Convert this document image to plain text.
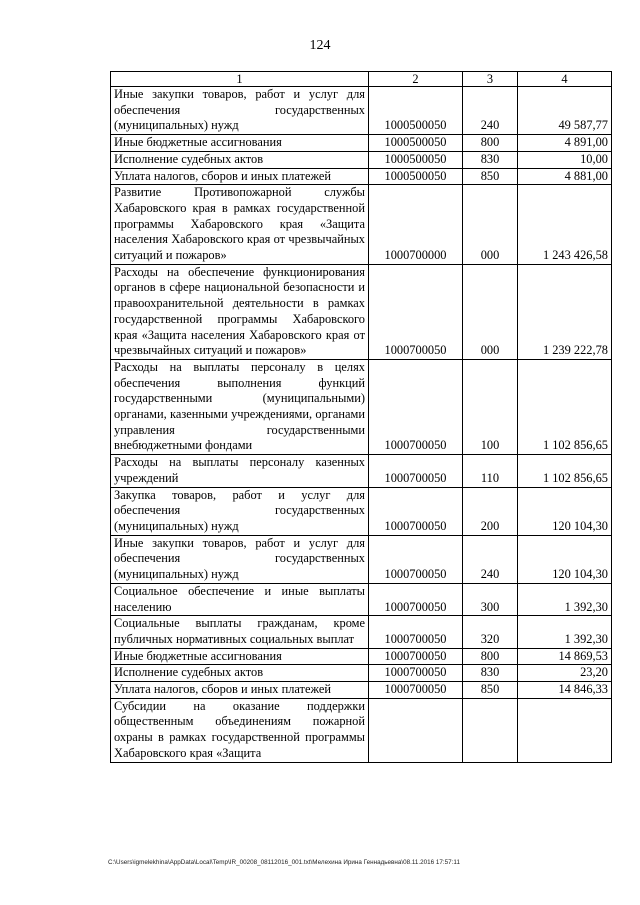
124
1	2	3	4
Иные закупки товаров, работ и услуг для обеспечения государственных (муниципальных) нужд	1000500050	240	49 587,77
Иные бюджетные ассигнования	1000500050	800	4 891,00
Исполнение судебных актов	1000500050	830	10,00
Уплата налогов, сборов и иных платежей	1000500050	850	4 881,00
Развитие Противопожарной службы Хабаровского края в рамках государственной программы Хабаровского края «Защита населения Хабаровского края от чрезвычайных ситуаций и пожаров»	1000700000	000	1 243 426,58
Расходы на обеспечение функционирования органов в сфере национальной безопасности и правоохранительной деятельности в рамках государственной программы Хабаровского края «Защита населения Хабаровского края от чрезвычайных ситуаций и пожаров»	1000700050	000	1 239 222,78
Расходы на выплаты персоналу в целях обеспечения выполнения функций государственными (муниципальными) органами, казенными учреждениями, органами управления государственными внебюджетными фондами	1000700050	100	1 102 856,65
Расходы на выплаты персоналу казенных учреждений	1000700050	110	1 102 856,65
Закупка товаров, работ и услуг для обеспечения государственных (муниципальных) нужд	1000700050	200	120 104,30
Иные закупки товаров, работ и услуг для обеспечения государственных (муниципальных) нужд	1000700050	240	120 104,30
Социальное обеспечение и иные выплаты населению	1000700050	300	1 392,30
Социальные выплаты гражданам, кроме публичных нормативных социальных выплат	1000700050	320	1 392,30
Иные бюджетные ассигнования	1000700050	800	14 869,53
Исполнение судебных актов	1000700050	830	23,20
Уплата налогов, сборов и иных платежей	1000700050	850	14 846,33
Субсидии на оказание поддержки общественным объединениям пожарной охраны в рамках государственной программы Хабаровского края «Защита			
C:\Users\igmelekhina\AppData\Local\Temp\IR_00208_08112016_001.txt\Мелехина Ирина Геннадьевна\08.11.2016 17:57:11
